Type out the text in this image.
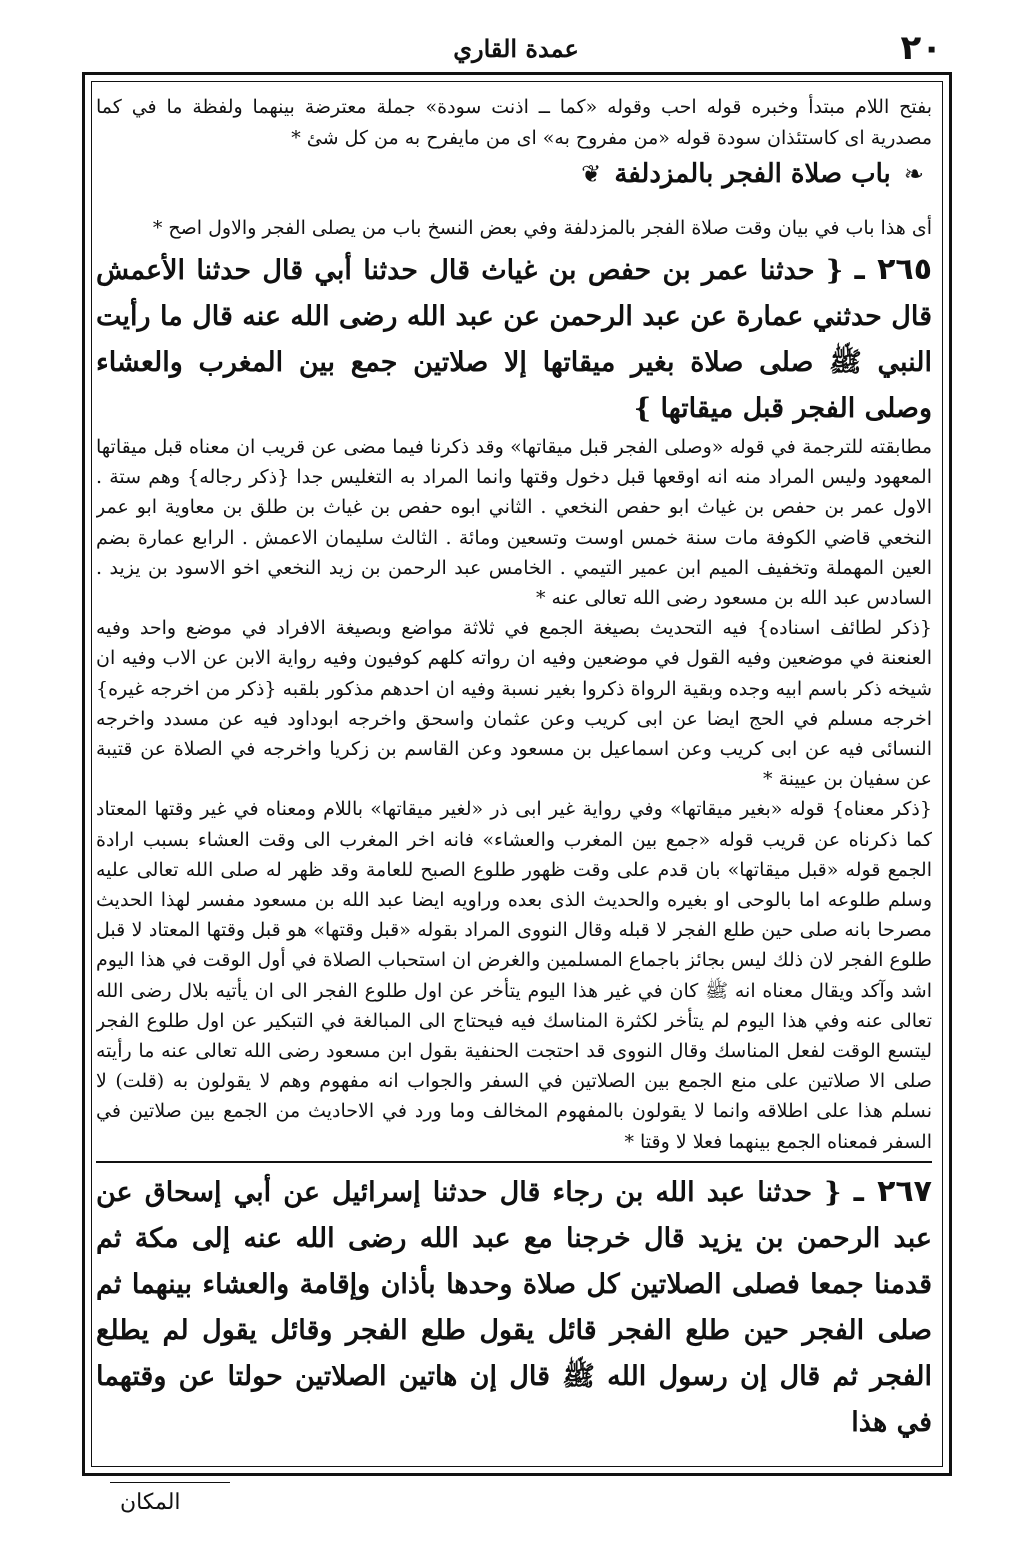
٢٠
عمدة القاري

بفتح اللام مبتدأ وخبره قوله احب وقوله «كما ــ اذنت سودة» جملة معترضة بينهما ولفظة ما في كما مصدرية اى كاستئذان سودة قوله «من مفروح به» اى من مايفرح به من كل شئ *

❧ باب صلاة الفجر بالمزدلفة ❦

أى هذا باب في بيان وقت صلاة الفجر بالمزدلفة وفي بعض النسخ باب من يصلى الفجر والاول اصح *

٢٦٥ ـ { حدثنا عمر بن حفص بن غياث قال حدثنا أبي قال حدثنا الأعمش قال حدثني عمارة عن عبد الرحمن عن عبد الله رضى الله عنه قال ما رأيت النبي ﷺ صلى صلاة بغير ميقاتها إلا صلاتين جمع بين المغرب والعشاء وصلى الفجر قبل ميقاتها }

مطابقته للترجمة في قوله «وصلى الفجر قبل ميقاتها» وقد ذكرنا فيما مضى عن قريب ان معناه قبل ميقاتها المعهود وليس المراد منه انه اوقعها قبل دخول وقتها وانما المراد به التغليس جدا {ذكر رجاله} وهم ستة . الاول عمر بن حفص بن غياث ابو حفص النخعي . الثاني ابوه حفص بن غياث بن طلق بن معاوية ابو عمر النخعي قاضي الكوفة مات سنة خمس اوست وتسعين ومائة . الثالث سليمان الاعمش . الرابع عمارة بضم العين المهملة وتخفيف الميم ابن عمير التيمي . الخامس عبد الرحمن بن زيد النخعي اخو الاسود بن يزيد . السادس عبد الله بن مسعود رضى الله تعالى عنه *

{ذكر لطائف اسناده} فيه التحديث بصيغة الجمع في ثلاثة مواضع وبصيغة الافراد في موضع واحد وفيه العنعنة في موضعين وفيه القول في موضعين وفيه ان رواته كلهم كوفيون وفيه رواية الابن عن الاب وفيه ان شيخه ذكر باسم ابيه وجده وبقية الرواة ذكروا بغير نسبة وفيه ان احدهم مذكور بلقبه {ذكر من اخرجه غيره} اخرجه مسلم في الحج ايضا عن ابى كريب وعن عثمان واسحق واخرجه ابوداود فيه عن مسدد واخرجه النسائى فيه عن ابى كريب وعن اسماعيل بن مسعود وعن القاسم بن زكريا واخرجه في الصلاة عن قتيبة عن سفيان بن عيينة *

{ذكر معناه} قوله «بغير ميقاتها» وفي رواية غير ابى ذر «لغير ميقاتها» باللام ومعناه في غير وقتها المعتاد كما ذكرناه عن قريب قوله «جمع بين المغرب والعشاء» فانه اخر المغرب الى وقت العشاء بسبب ارادة الجمع قوله «قبل ميقاتها» بان قدم على وقت ظهور طلوع الصبح للعامة وقد ظهر له صلى الله تعالى عليه وسلم طلوعه اما بالوحى او بغيره والحديث الذى بعده وراويه ايضا عبد الله بن مسعود مفسر لهذا الحديث مصرحا بانه صلى حين طلع الفجر لا قبله وقال النووى المراد بقوله «قبل وقتها» هو قبل وقتها المعتاد لا قبل طلوع الفجر لان ذلك ليس بجائز باجماع المسلمين والغرض ان استحباب الصلاة في أول الوقت في هذا اليوم اشد وآكد ويقال معناه انه ﷺ كان في غير هذا اليوم يتأخر عن اول طلوع الفجر الى ان يأتيه بلال رضى الله تعالى عنه وفي هذا اليوم لم يتأخر لكثرة المناسك فيه فيحتاج الى المبالغة في التبكير عن اول طلوع الفجر ليتسع الوقت لفعل المناسك وقال النووى قد احتجت الحنفية بقول ابن مسعود رضى الله تعالى عنه ما رأيته صلى الا صلاتين على منع الجمع بين الصلاتين في السفر والجواب انه مفهوم وهم لا يقولون به (قلت) لا نسلم هذا على اطلاقه وانما لا يقولون بالمفهوم المخالف وما ورد في الاحاديث من الجمع بين صلاتين في السفر فمعناه الجمع بينهما فعلا لا وقتا *

٢٦٧ ـ { حدثنا عبد الله بن رجاء قال حدثنا إسرائيل عن أبي إسحاق عن عبد الرحمن بن يزيد قال خرجنا مع عبد الله رضى الله عنه إلى مكة ثم قدمنا جمعا فصلى الصلاتين كل صلاة وحدها بأذان وإقامة والعشاء بينهما ثم صلى الفجر حين طلع الفجر قائل يقول طلع الفجر وقائل يقول لم يطلع الفجر ثم قال إن رسول الله ﷺ قال إن هاتين الصلاتين حولتا عن وقتهما في هذا

المكان
